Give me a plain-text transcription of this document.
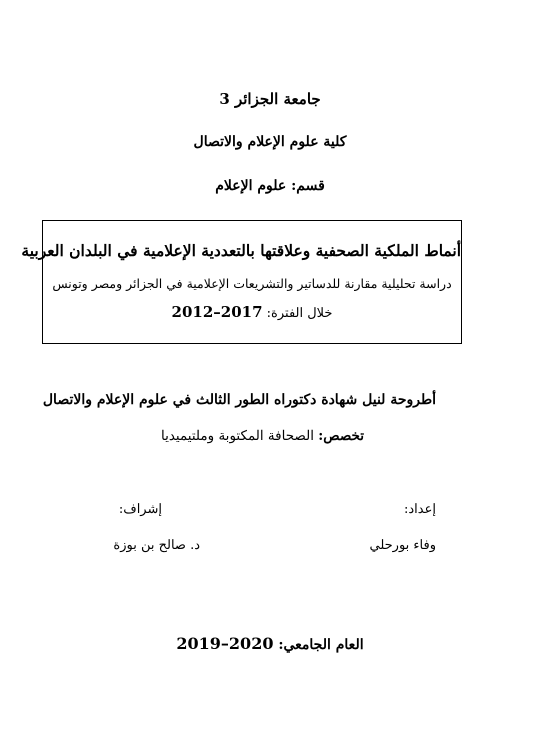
جامعة الجزائر 3
كلية علوم الإعلام والاتصال
قسم: علوم الإعلام
أنماط الملكية الصحفية وعلاقتها بالتعددية الإعلامية في البلدان العربية
دراسة تحليلية مقارنة للدساتير والتشريعات الإعلامية في الجزائر ومصر وتونس
خلال الفترة: 2012–2017
أطروحة لنيل شهادة دكتوراه الطور الثالث في علوم الإعلام والاتصال
تخصص: الصحافة المكتوبة وملتيميديا
إعداد:
إشراف:
وفاء بورحلي
د. صالح بن بوزة
العام الجامعي: 2019–2020
